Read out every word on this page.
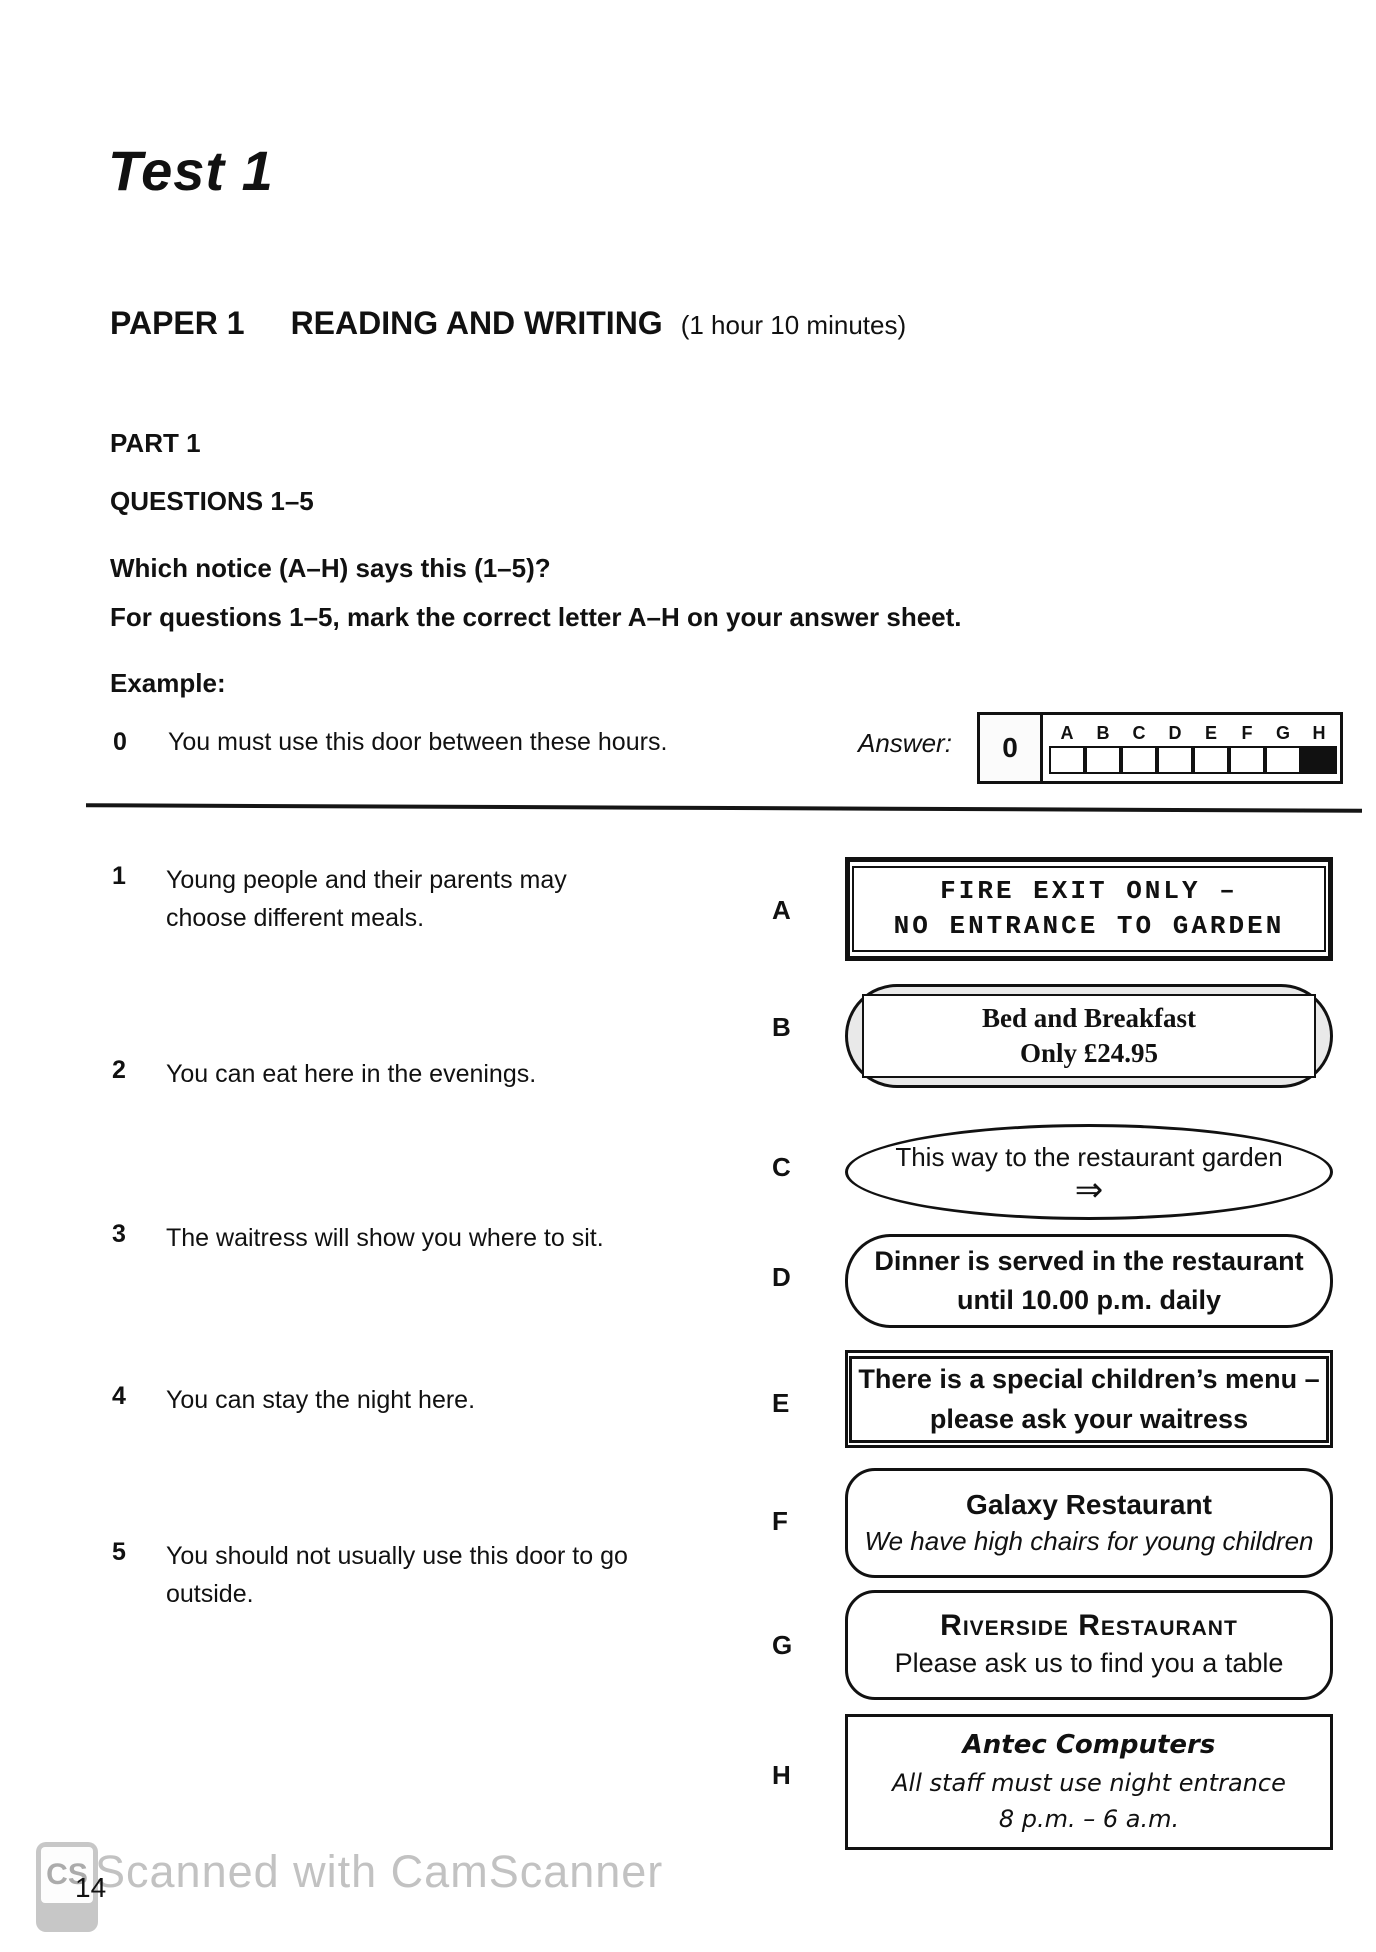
Test 1
PAPER 1 READING AND WRITING (1 hour 10 minutes)
PART 1
QUESTIONS 1–5
Which notice (A–H) says this (1–5)?
For questions 1–5, mark the correct letter A–H on your answer sheet.
Example:
0 You must use this door between these hours.	Answer:	0	A B C D E F G H
1	Young people and their parents may choose different meals.
2	You can eat here in the evenings.
3	The waitress will show you where to sit.
4	You can stay the night here.
5	You should not usually use this door to go outside.
A
B
C
D
E
F
G
H
FIRE EXIT ONLY –
NO ENTRANCE TO GARDEN
Bed and Breakfast
Only £24.95
This way to the restaurant garden
⇒
Dinner is served in the restaurant
until 10.00 p.m. daily
There is a special children’s menu –
please ask your waitress
Galaxy Restaurant
We have high chairs for young children
Riverside Restaurant
Please ask us to find you a table
Antec Computers
All staff must use night entrance
8 p.m. – 6 a.m.
CS Scanned with CamScanner
14
